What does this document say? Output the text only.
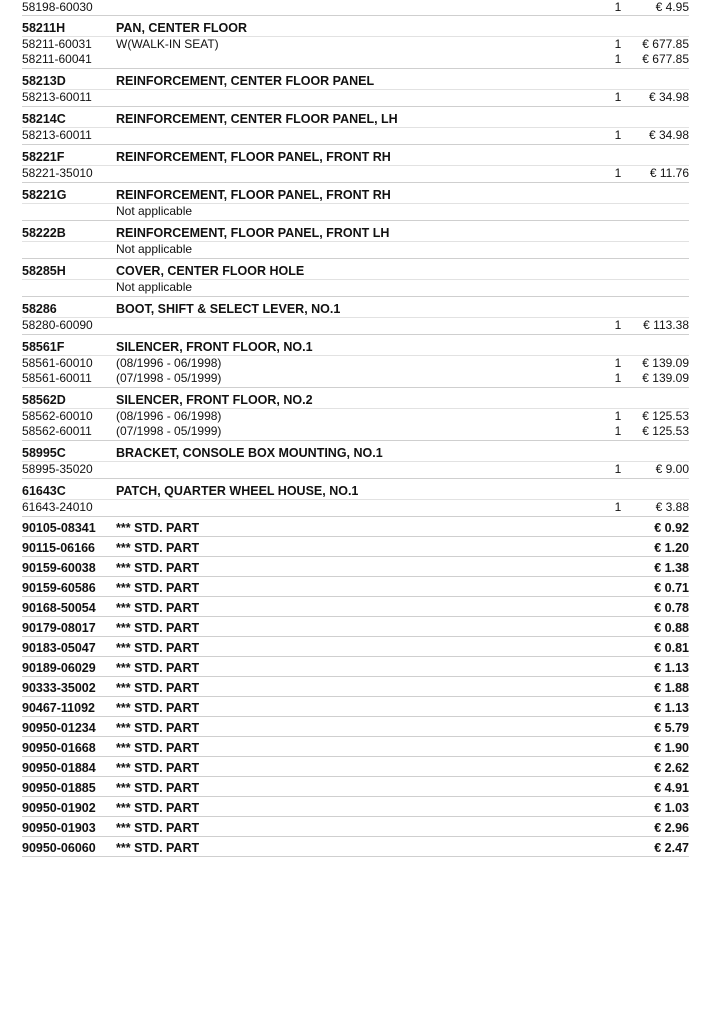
58198-60030	1	€ 4.95
58211H	PAN, CENTER FLOOR
58211-60031 W(WALK-IN SEAT)	1	€ 677.85
58211-60041	1	€ 677.85
58213D	REINFORCEMENT, CENTER FLOOR PANEL
58213-60011	1	€ 34.98
58214C	REINFORCEMENT, CENTER FLOOR PANEL, LH
58213-60011	1	€ 34.98
58221F	REINFORCEMENT, FLOOR PANEL, FRONT RH
58221-35010	1	€ 11.76
58221G	REINFORCEMENT, FLOOR PANEL, FRONT RH
Not applicable
58222B	REINFORCEMENT, FLOOR PANEL, FRONT LH
Not applicable
58285H	COVER, CENTER FLOOR HOLE
Not applicable
58286	BOOT, SHIFT & SELECT LEVER, NO.1
58280-60090	1	€ 113.38
58561F	SILENCER, FRONT FLOOR, NO.1
58561-60010 (08/1996 - 06/1998)	1	€ 139.09
58561-60011 (07/1998 - 05/1999)	1	€ 139.09
58562D	SILENCER, FRONT FLOOR, NO.2
58562-60010 (08/1996 - 06/1998)	1	€ 125.53
58562-60011 (07/1998 - 05/1999)	1	€ 125.53
58995C	BRACKET, CONSOLE BOX MOUNTING, NO.1
58995-35020	1	€ 9.00
61643C	PATCH, QUARTER WHEEL HOUSE, NO.1
61643-24010	1	€ 3.88
90105-08341 *** STD. PART	€ 0.92
90115-06166 *** STD. PART	€ 1.20
90159-60038 *** STD. PART	€ 1.38
90159-60586 *** STD. PART	€ 0.71
90168-50054 *** STD. PART	€ 0.78
90179-08017 *** STD. PART	€ 0.88
90183-05047 *** STD. PART	€ 0.81
90189-06029 *** STD. PART	€ 1.13
90333-35002 *** STD. PART	€ 1.88
90467-11092 *** STD. PART	€ 1.13
90950-01234 *** STD. PART	€ 5.79
90950-01668 *** STD. PART	€ 1.90
90950-01884 *** STD. PART	€ 2.62
90950-01885 *** STD. PART	€ 4.91
90950-01902 *** STD. PART	€ 1.03
90950-01903 *** STD. PART	€ 2.96
90950-06060 *** STD. PART	€ 2.47
